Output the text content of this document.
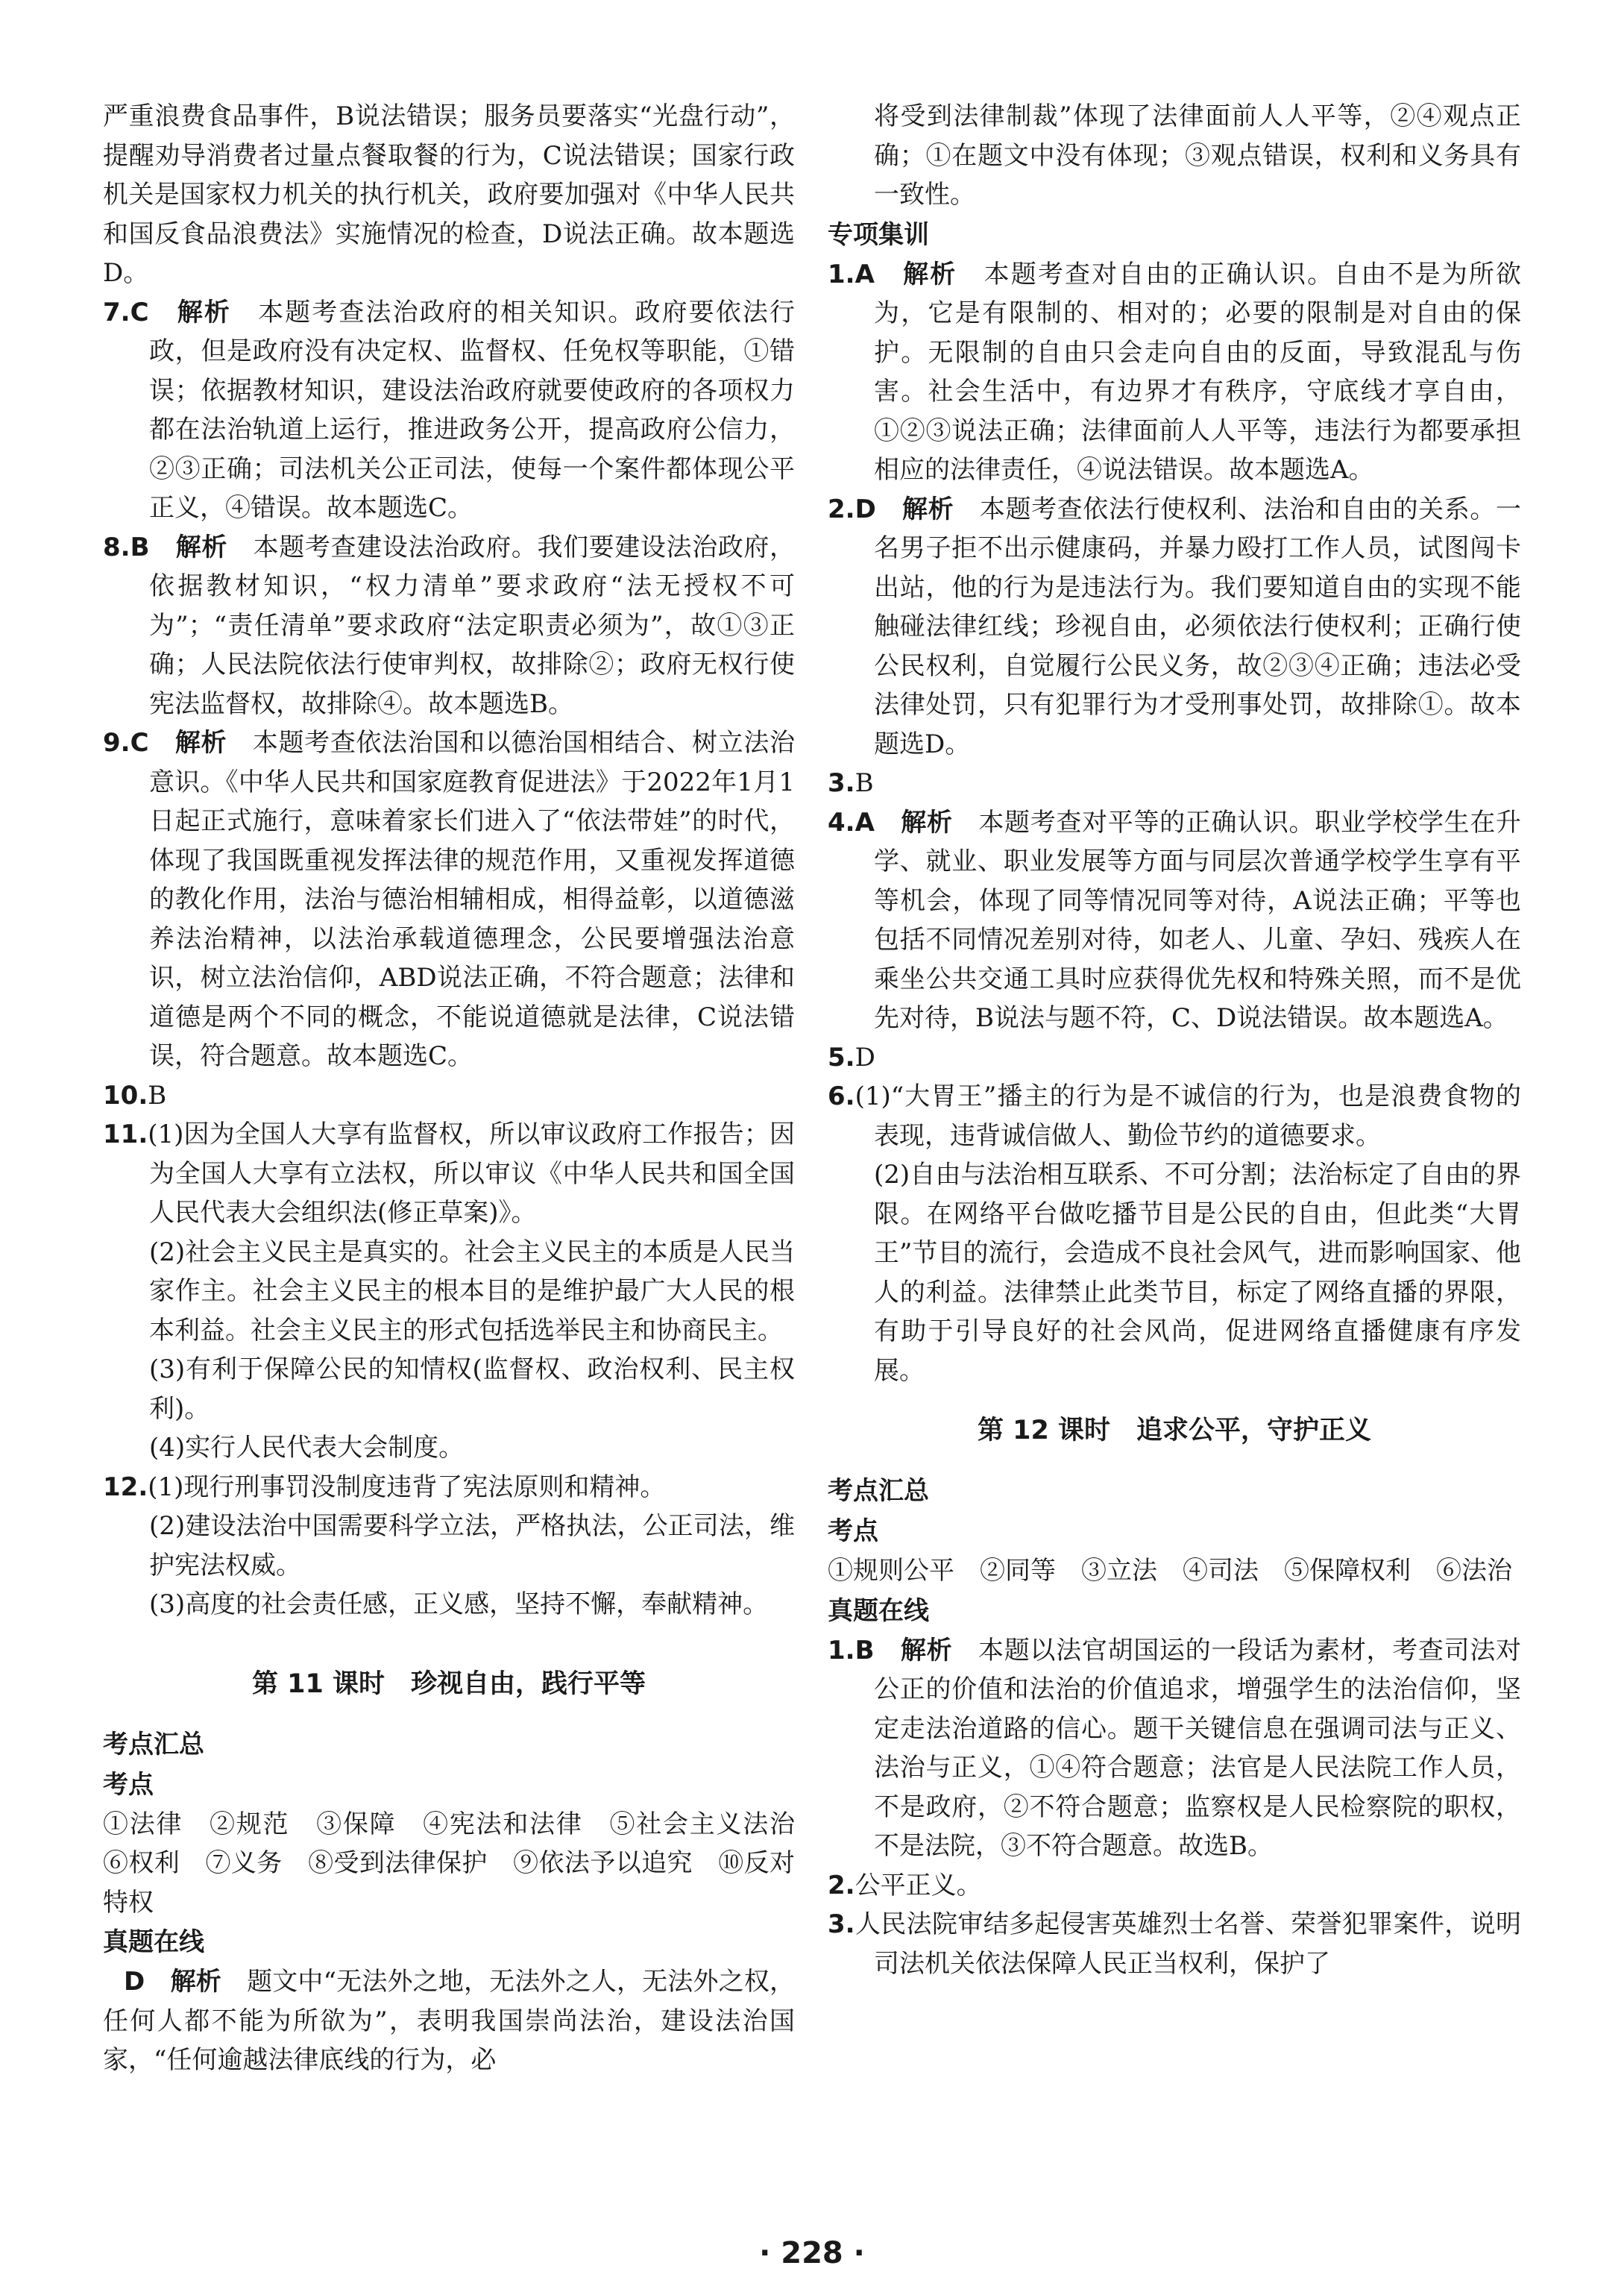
严重浪费食品事件，B说法错误；服务员要落实“光盘行动”，提醒劝导消费者过量点餐取餐的行为，C说法错误；国家行政机关是国家权力机关的执行机关，政府要加强对《中华人民共和国反食品浪费法》实施情况的检查，D说法正确。故本题选D。

7.C　 解析　 本题考查法治政府的相关知识。政府要依法行政，但是政府没有决定权、监督权、任免权等职能，①错误；依据教材知识，建设法治政府就要使政府的各项权力都在法治轨道上运行，推进政务公开，提高政府公信力，②③正确；司法机关公正司法，使每一个案件都体现公平正义，④错误。故本题选C。

8.B　 解析　 本题考查建设法治政府。我们要建设法治政府，依据教材知识，“权力清单”要求政府“法无授权不可为”；“责任清单”要求政府“法定职责必须为”，故①③正确；人民法院依法行使审判权，故排除②；政府无权行使宪法监督权，故排除④。故本题选B。

9.C　 解析　 本题考查依法治国和以德治国相结合、树立法治意识。《中华人民共和国家庭教育促进法》于2022年1月1日起正式施行，意味着家长们进入了“依法带娃”的时代，体现了我国既重视发挥法律的规范作用，又重视发挥道德的教化作用，法治与德治相辅相成，相得益彰，以道德滋养法治精神，以法治承载道德理念，公民要增强法治意识，树立法治信仰，ABD说法正确，不符合题意；法律和道德是两个不同的概念，不能说道德就是法律，C说法错误，符合题意。故本题选C。

10.B

11.(1)因为全国人大享有监督权，所以审议政府工作报告；因为全国人大享有立法权，所以审议《中华人民共和国全国人民代表大会组织法(修正草案)》。

(2)社会主义民主是真实的。社会主义民主的本质是人民当家作主。社会主义民主的根本目的是维护最广大人民的根本利益。社会主义民主的形式包括选举民主和协商民主。

(3)有利于保障公民的知情权(监督权、政治权利、民主权利)。

(4)实行人民代表大会制度。

12.(1)现行刑事罚没制度违背了宪法原则和精神。

(2)建设法治中国需要科学立法，严格执法，公正司法，维护宪法权威。

(3)高度的社会责任感，正义感，坚持不懈，奉献精神。

第 11 课时　珍视自由，践行平等

考点汇总

考点

①法律　②规范　③保障　④宪法和法律　⑤社会主义法治　⑥权利　⑦义务　⑧受到法律保护　⑨依法予以追究　⑩反对特权

真题在线

D　 解析　 题文中“无法外之地，无法外之人，无法外之权，任何人都不能为所欲为”，表明我国崇尚法治，建设法治国家，“任何逾越法律底线的行为，必

将受到法律制裁”体现了法律面前人人平等，②④观点正确；①在题文中没有体现；③观点错误，权利和义务具有一致性。

专项集训

1.A　 解析　 本题考查对自由的正确认识。自由不是为所欲为，它是有限制的、相对的；必要的限制是对自由的保护。无限制的自由只会走向自由的反面，导致混乱与伤害。社会生活中，有边界才有秩序，守底线才享自由，①②③说法正确；法律面前人人平等，违法行为都要承担相应的法律责任，④说法错误。故本题选A。

2.D　 解析　 本题考查依法行使权利、法治和自由的关系。一名男子拒不出示健康码，并暴力殴打工作人员，试图闯卡出站，他的行为是违法行为。我们要知道自由的实现不能触碰法律红线；珍视自由，必须依法行使权利；正确行使公民权利，自觉履行公民义务，故②③④正确；违法必受法律处罚，只有犯罪行为才受刑事处罚，故排除①。故本题选D。

3.B

4.A　 解析　 本题考查对平等的正确认识。职业学校学生在升学、就业、职业发展等方面与同层次普通学校学生享有平等机会，体现了同等情况同等对待，A说法正确；平等也包括不同情况差别对待，如老人、儿童、孕妇、残疾人在乘坐公共交通工具时应获得优先权和特殊关照，而不是优先对待，B说法与题不符，C、D说法错误。故本题选A。

5.D

6.(1)“大胃王”播主的行为是不诚信的行为，也是浪费食物的表现，违背诚信做人、勤俭节约的道德要求。

(2)自由与法治相互联系、不可分割；法治标定了自由的界限。在网络平台做吃播节目是公民的自由，但此类“大胃王”节目的流行，会造成不良社会风气，进而影响国家、他人的利益。法律禁止此类节目，标定了网络直播的界限，有助于引导良好的社会风尚，促进网络直播健康有序发展。

第 12 课时　追求公平，守护正义

考点汇总

考点

①规则公平　②同等　③立法　④司法　⑤保障权利　⑥法治

真题在线

1.B　 解析　 本题以法官胡国运的一段话为素材，考查司法对公正的价值和法治的价值追求，增强学生的法治信仰，坚定走法治道路的信心。题干关键信息在强调司法与正义、法治与正义，①④符合题意；法官是人民法院工作人员，不是政府，②不符合题意；监察权是人民检察院的职权，不是法院，③不符合题意。故选B。

2.公平正义。

3.人民法院审结多起侵害英雄烈士名誉、荣誉犯罪案件，说明司法机关依法保障人民正当权利，保护了

· 228 ·
